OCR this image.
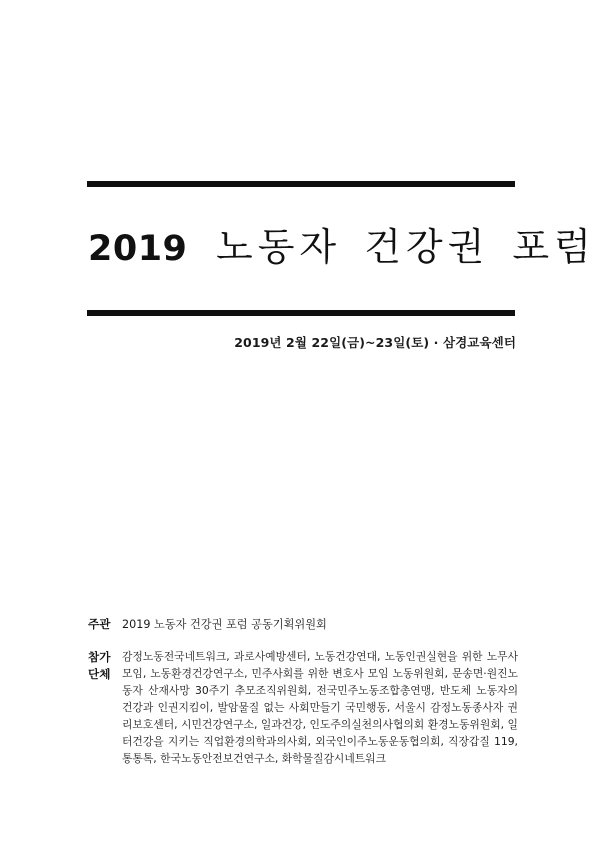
2019 노동자 건강권 포럼
2019년 2월 22일(금)~23일(토) · 삼경교육센터
주관	2019 노동자 건강권 포럼 공동기획위원회
참가
단체
감정노동전국네트워크, 과로사예방센터, 노동건강연대, 노동인권실현을 위한 노무사 모임, 노동환경건강연구소, 민주사회를 위한 변호사 모임 노동위원회, 문송면·원진노동자 산재사망 30주기 추모조직위원회, 전국민주노동조합총연맹, 반도체 노동자의 건강과 인권지킴이, 발암물질 없는 사회만들기 국민행동, 서울시 감정노동종사자 권리보호센터, 시민건강연구소, 일과건강, 인도주의실천의사협의회 환경노동위원회, 일터건강을 지키는 직업환경의학과의사회, 외국인이주노동운동협의회, 직장갑질 119, 통통톡, 한국노동안전보건연구소, 화학물질감시네트워크
